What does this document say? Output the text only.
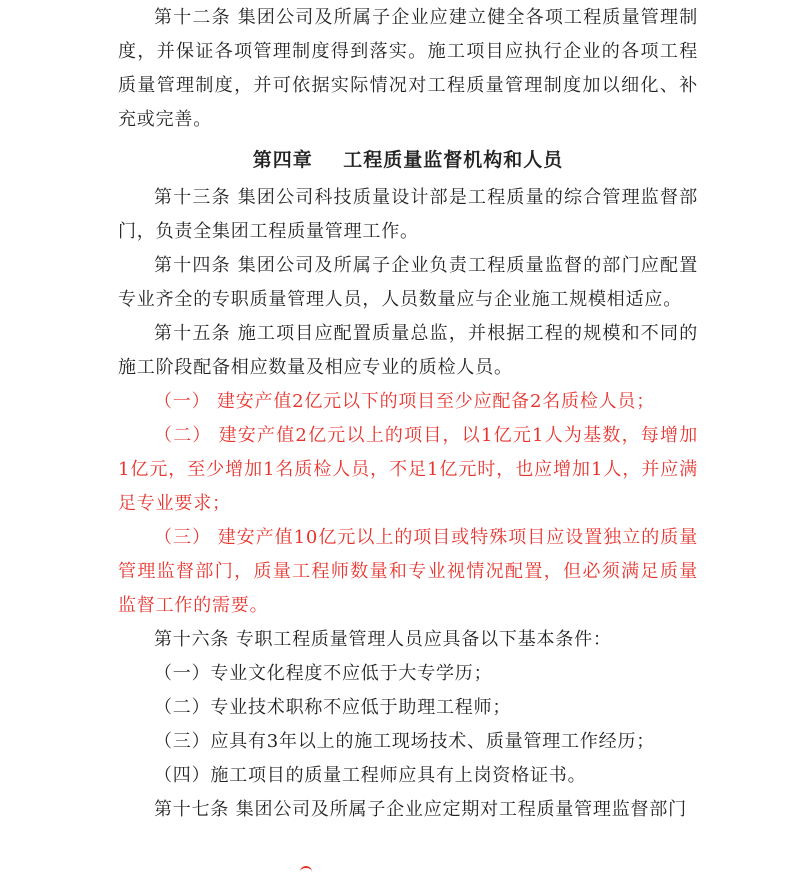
第十二条 集团公司及所属子企业应建立健全各项工程质量管理制度，并保证各项管理制度得到落实。施工项目应执行企业的各项工程质量管理制度，并可依据实际情况对工程质量管理制度加以细化、补充或完善。

第四章    工程质量监督机构和人员

第十三条 集团公司科技质量设计部是工程质量的综合管理监督部门，负责全集团工程质量管理工作。

第十四条 集团公司及所属子企业负责工程质量监督的部门应配置专业齐全的专职质量管理人员，人员数量应与企业施工规模相适应。

第十五条 施工项目应配置质量总监，并根据工程的规模和不同的施工阶段配备相应数量及相应专业的质检人员。

（一） 建安产值2亿元以下的项目至少应配备2名质检人员；

（二） 建安产值2亿元以上的项目，以1亿元1人为基数，每增加1亿元，至少增加1名质检人员，不足1亿元时，也应增加1人，并应满足专业要求；

（三） 建安产值10亿元以上的项目或特殊项目应设置独立的质量管理监督部门，质量工程师数量和专业视情况配置，但必须满足质量监督工作的需要。

第十六条 专职工程质量管理人员应具备以下基本条件：

（一）专业文化程度不应低于大专学历；

（二）专业技术职称不应低于助理工程师；

（三）应具有3年以上的施工现场技术、质量管理工作经历；

（四）施工项目的质量工程师应具有上岗资格证书。

第十七条 集团公司及所属子企业应定期对工程质量管理监督部门
